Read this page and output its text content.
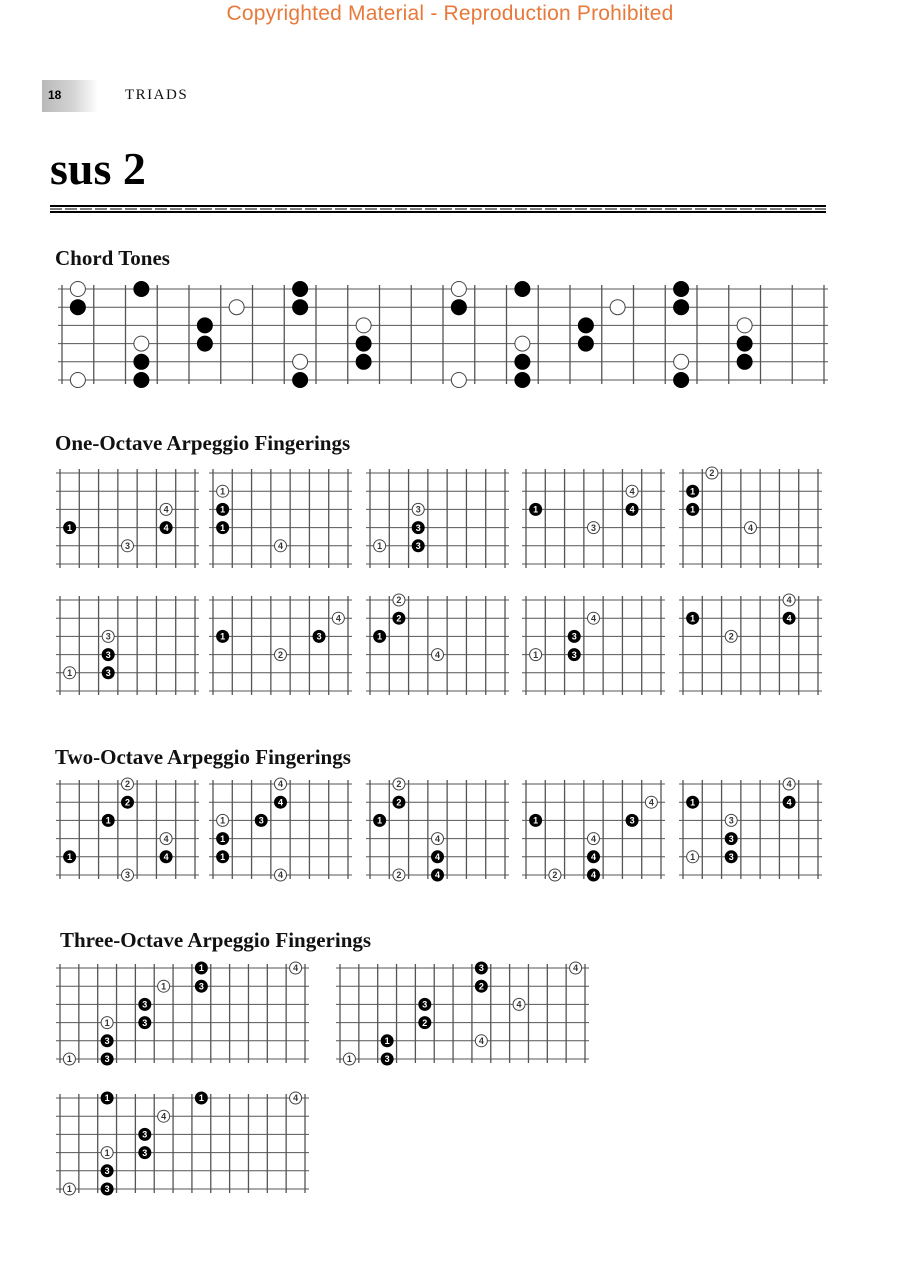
Copyrighted Material - Reproduction Prohibited
18	TRIADS
sus 2
Chord Tones
One-Octave Arpeggio Fingerings
Two-Octave Arpeggio Fingerings
Three-Octave Arpeggio Fingerings
4
1	4
3
1
1
1
4
3
3
1	3
4
1	4
3
2
1
1
4
3
3
1	3
4
1	3
2
2
2
1
4
4
3
1	3
4
1	4
2
2
2
1
4
1	4
3
4
4
1	3
1
1
4
2
2
1
4
4
2	4
4
1	3
4
4
2	4
4
1	4
3
3
1	3
1	4
1	3
3
1	3
3
1	3
3	4
2
3	4
2
1	4
1	3
1	1	4
4
3
1	3
3
1	3
